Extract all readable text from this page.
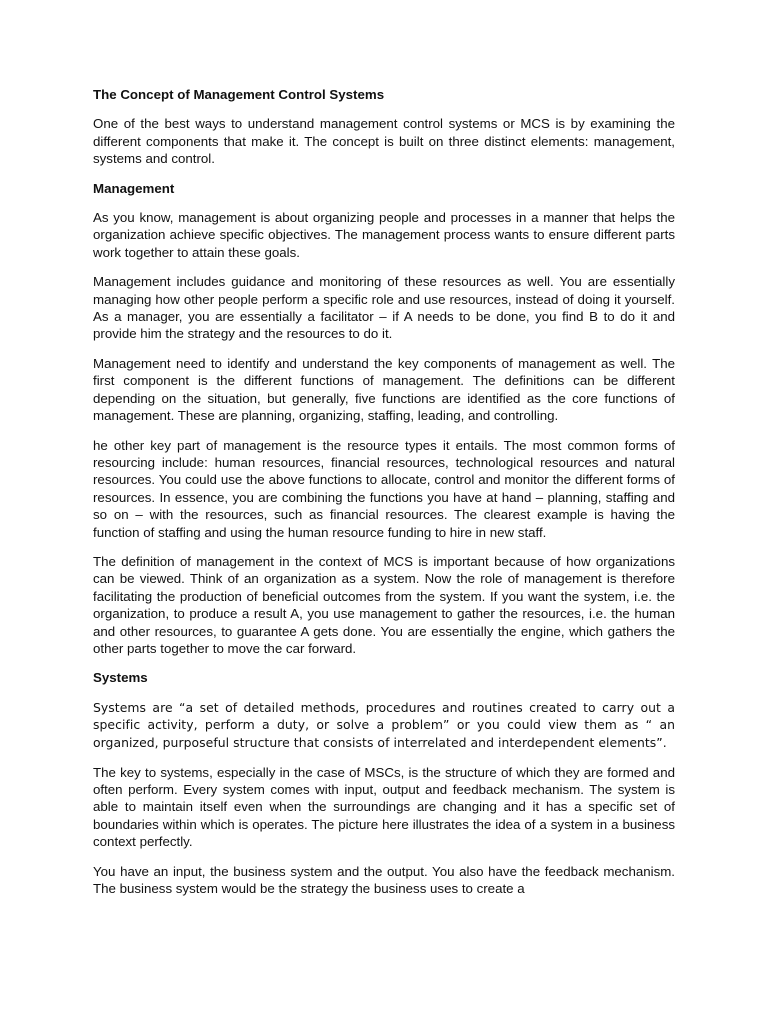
The Concept of Management Control Systems

One of the best ways to understand management control systems or MCS is by examining the different components that make it. The concept is built on three distinct elements: management, systems and control.

Management

As you know, management is about organizing people and processes in a manner that helps the organization achieve specific objectives. The management process wants to ensure different parts work together to attain these goals.

Management includes guidance and monitoring of these resources as well. You are essentially managing how other people perform a specific role and use resources, instead of doing it yourself. As a manager, you are essentially a facilitator – if A needs to be done, you find B to do it and provide him the strategy and the resources to do it.

Management need to identify and understand the key components of management as well. The first component is the different functions of management. The definitions can be different depending on the situation, but generally, five functions are identified as the core functions of management. These are planning, organizing, staffing, leading, and controlling.

he other key part of management is the resource types it entails. The most common forms of resourcing include: human resources, financial resources, technological resources and natural resources. You could use the above functions to allocate, control and monitor the different forms of resources. In essence, you are combining the functions you have at hand – planning, staffing and so on – with the resources, such as financial resources. The clearest example is having the function of staffing and using the human resource funding to hire in new staff.

The definition of management in the context of MCS is important because of how organizations can be viewed. Think of an organization as a system. Now the role of management is therefore facilitating the production of beneficial outcomes from the system. If you want the system, i.e. the organization, to produce a result A, you use management to gather the resources, i.e. the human and other resources, to guarantee A gets done. You are essentially the engine, which gathers the other parts together to move the car forward.

Systems

Systems are “a set of detailed methods, procedures and routines created to carry out a specific activity, perform a duty, or solve a problem” or you could view them as “ an organized, purposeful structure that consists of interrelated and interdependent elements”.

The key to systems, especially in the case of MSCs, is the structure of which they are formed and often perform. Every system comes with input, output and feedback mechanism. The system is able to maintain itself even when the surroundings are changing and it has a specific set of boundaries within which is operates. The picture here illustrates the idea of a system in a business context perfectly.

You have an input, the business system and the output. You also have the feedback mechanism. The business system would be the strategy the business uses to create a
